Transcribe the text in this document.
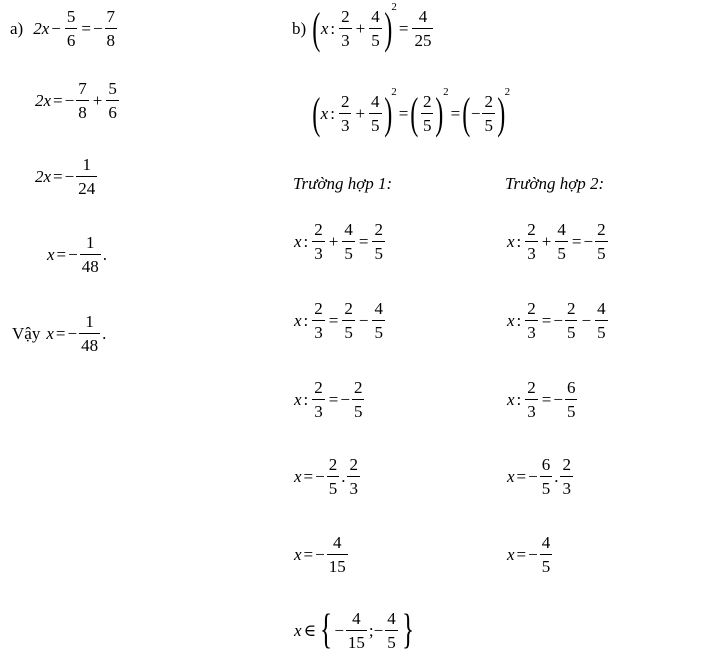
a) $2x - \frac{5}{6}$ = − $\frac{7}{8}$
2x = − $\frac{7}{8} + \frac{5}{6}$
2x = − $\frac{1}{24}$
x = − $\frac{1}{48}$ .
Vậy x = − $\frac{1}{48}$ .
b) ( x : $\frac{2}{3} + \frac{4}{5}$ ) 2
= $\frac{4}{25}$
( x : $\frac{2}{3} + \frac{4}{5}$ ) 2
= ( $\frac{2}{5}$ ) 2
= ( − $\frac{2}{5}$ ) 2
Trường hợp 1:	Trường hợp 2:
x : $\frac{2}{3} + \frac{4}{5} = \frac{2}{5}$
x : $\frac{2}{3} = \frac{2}{5} - \frac{4}{5}$
x : $\frac{2}{3}$ = − $\frac{2}{5}$
x = − $\frac{2}{5}$ . $\frac{2}{3}$
x = − $\frac{4}{15}$
x : $\frac{2}{3} + \frac{4}{5}$ = − $\frac{2}{5}$
x : $\frac{2}{3}$ = − $\frac{2}{5} - \frac{4}{5}$
x : $\frac{2}{3}$ = − $\frac{6}{5}$
x = − $\frac{6}{5}$ . $\frac{2}{3}$
x = − $\frac{4}{5}$
x ∈ { − $\frac{4}{15}$ ; − $\frac{4}{5}$ }
